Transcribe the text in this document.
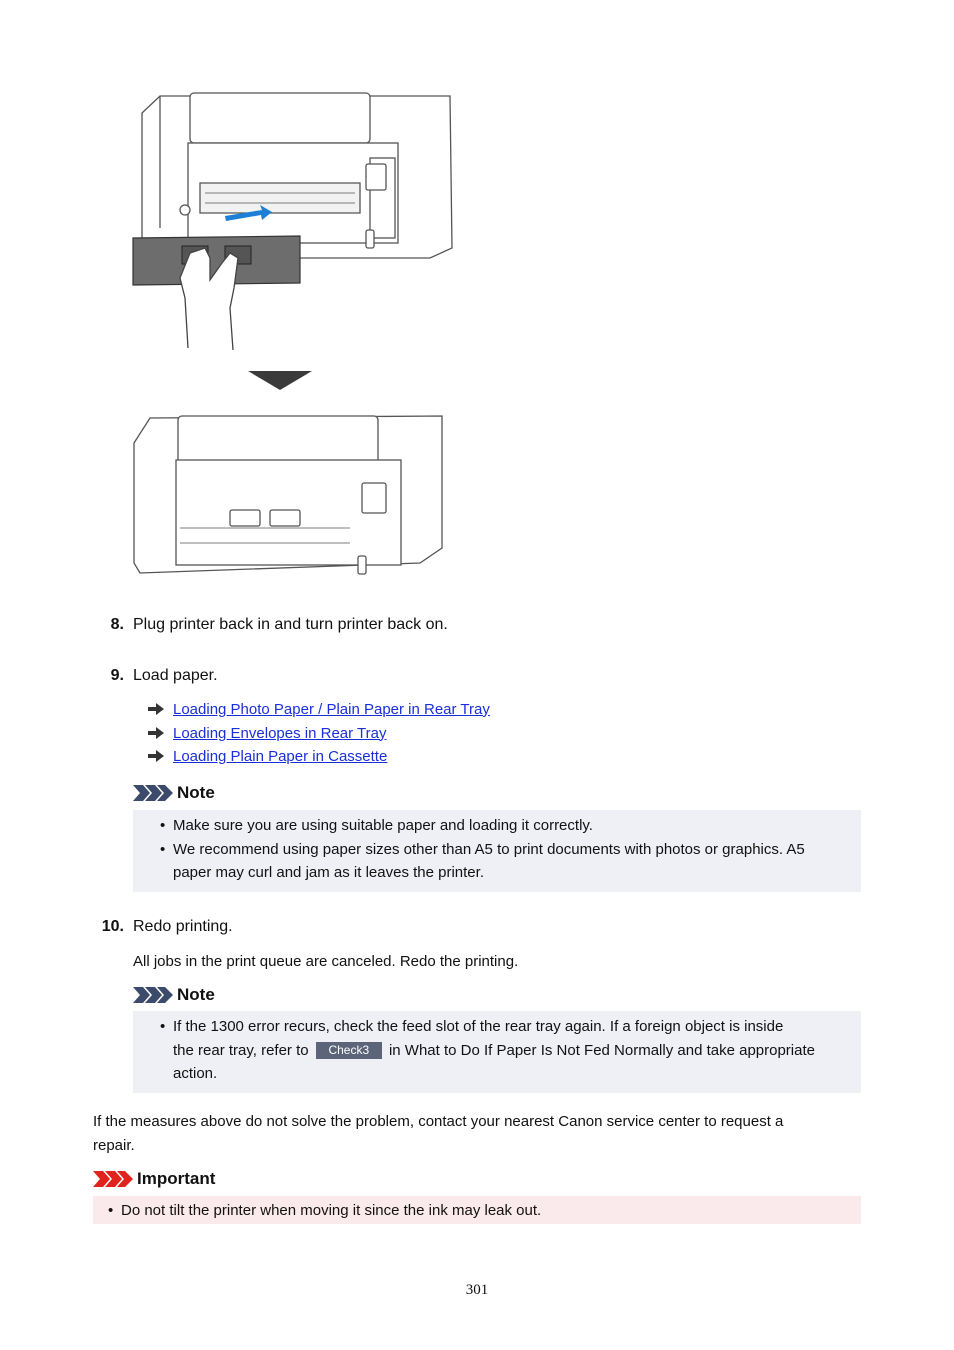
8. Plug printer back in and turn printer back on.
9. Load paper.
Loading Photo Paper / Plain Paper in Rear Tray
Loading Envelopes in Rear Tray
Loading Plain Paper in Cassette
Note
• Make sure you are using suitable paper and loading it correctly.
• We recommend using paper sizes other than A5 to print documents with photos or graphics. A5
paper may curl and jam as it leaves the printer.
10. Redo printing.
All jobs in the print queue are canceled. Redo the printing.
Note
• If the 1300 error recurs, check the feed slot of the rear tray again. If a foreign object is inside
the rear tray, refer to Check3 in What to Do If Paper Is Not Fed Normally and take appropriate
action.
If the measures above do not solve the problem, contact your nearest Canon service center to request a
repair.
Important
• Do not tilt the printer when moving it since the ink may leak out.
301
